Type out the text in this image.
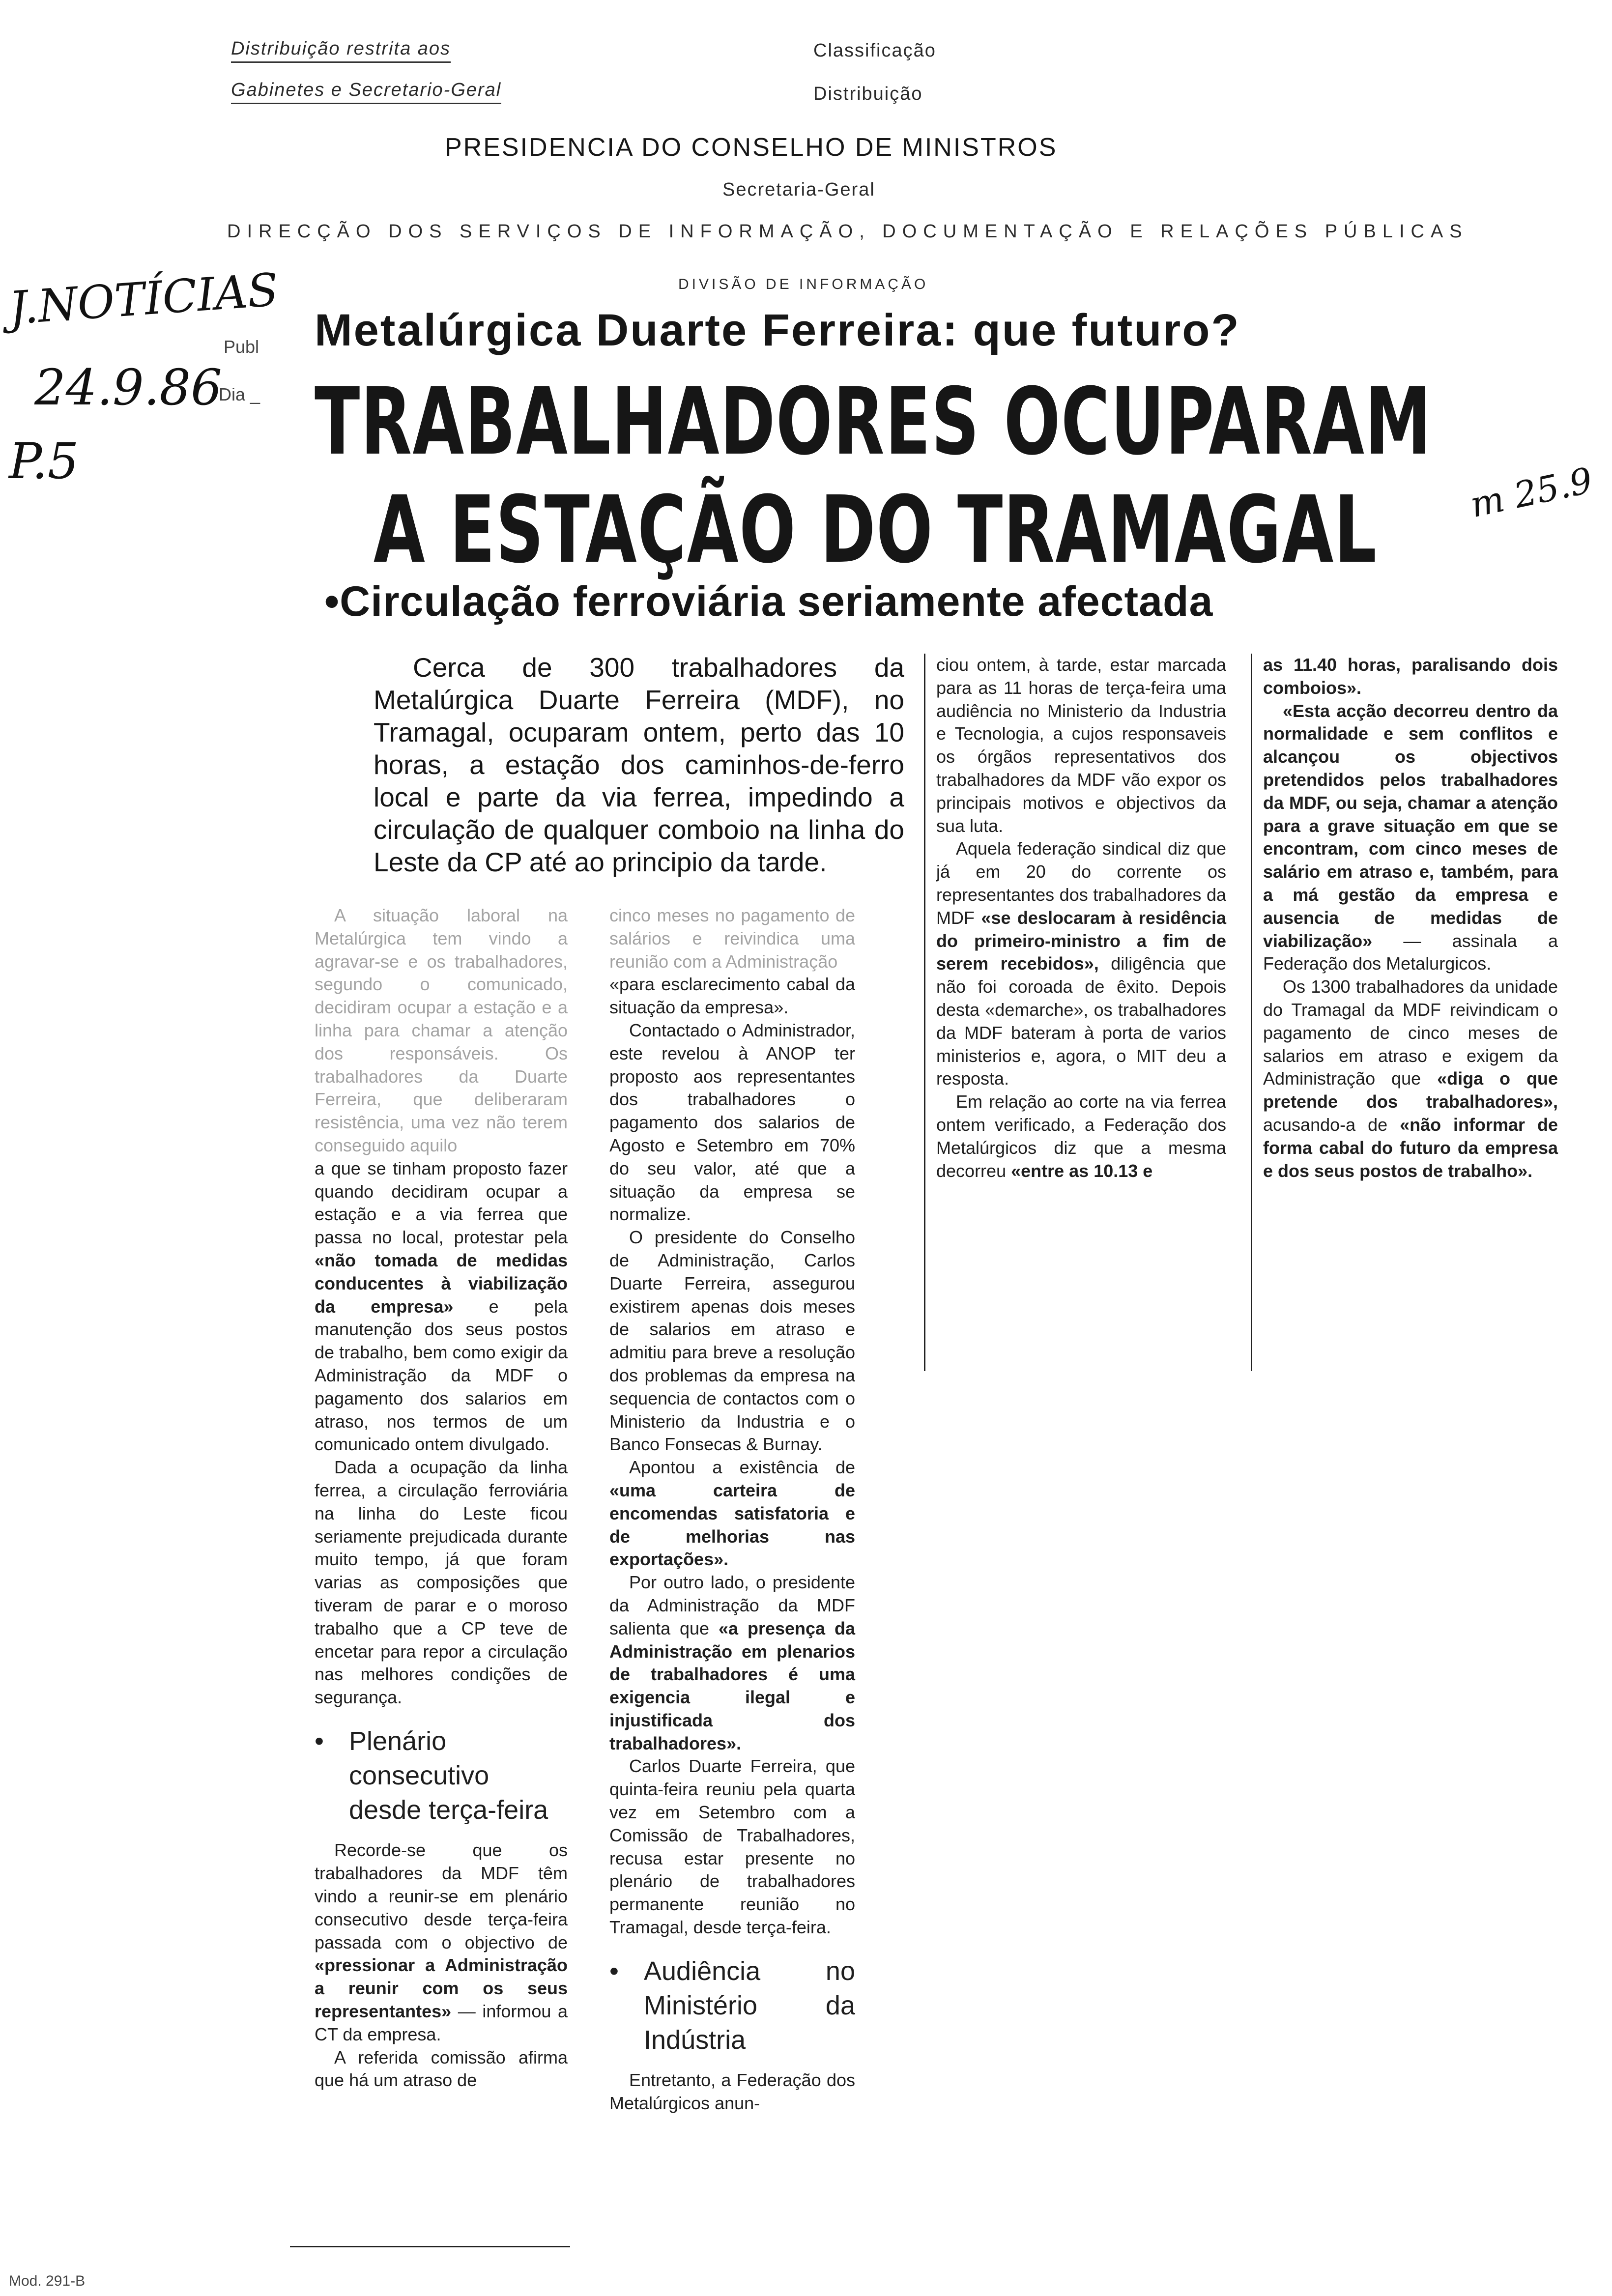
Distribuição restrita aos
Gabinetes e Secretario-Geral
Classificação
Distribuição
PRESIDENCIA DO CONSELHO DE MINISTROS
Secretaria-Geral
DIRECÇÃO DOS SERVIÇOS DE INFORMAÇÃO, DOCUMENTAÇÃO E RELAÇÕES PÚBLICAS
DIVISÃO DE INFORMAÇÃO
J.NOTÍCIAS
24.9.86
P.5	m 25.9
Publ
Dia _
Metalúrgica Duarte Ferreira: que futuro?
TRABALHADORES OCUPARAM
A ESTAÇÃO DO TRAMAGAL
•Circulação ferroviária seriamente afectada
Cerca de 300 trabalhadores da Metalúrgica Duarte Ferreira (MDF), no Tramagal, ocuparam ontem, perto das 10 horas, a estação dos caminhos-de-ferro local e parte da via ferrea, impedindo a circulação de qualquer comboio na linha do Leste da CP até ao principio da tarde.

A situação laboral na Metalúrgica tem vindo a agravar-se e os trabalhadores, segundo o comunicado, decidiram ocupar a estação e a linha para chamar a atenção dos responsáveis. Os trabalhadores da Duarte Ferreira, que deliberaram resistência, uma vez não terem conseguido aquilo

a que se tinham proposto fazer quando decidiram ocupar a estação e a via ferrea que passa no local, protestar pela «não tomada de medidas conducentes à viabilização da empresa» e pela manutenção dos seus postos de trabalho, bem como exigir da Administração da MDF o pagamento dos salarios em atraso, nos termos de um comunicado ontem divulgado.

Dada a ocupação da linha ferrea, a circulação ferroviária na linha do Leste ficou seriamente prejudicada durante muito tempo, já que foram varias as composições que tiveram de parar e o moroso trabalho que a CP teve de encetar para repor a circulação nas melhores condições de segurança.

• Plenário consecutivo desde terça-feira

Recorde-se que os trabalhadores da MDF têm vindo a reunir-se em plenário consecutivo desde terça-feira passada com o objectivo de «pressionar a Administração a reunir com os seus representantes» — informou a CT da empresa.

A referida comissão afirma que há um atraso de

cinco meses no pagamento de salários e reivindica uma reunião com a Administração

«para esclarecimento cabal da situação da empresa».

Contactado o Administrador, este revelou à ANOP ter proposto aos representantes dos trabalhadores o pagamento dos salarios de Agosto e Setembro em 70% do seu valor, até que a situação da empresa se normalize.

O presidente do Conselho de Administração, Carlos Duarte Ferreira, assegurou existirem apenas dois meses de salarios em atraso e admitiu para breve a resolução dos problemas da empresa na sequencia de contactos com o Ministerio da Industria e o Banco Fonsecas & Burnay.

Apontou a existência de «uma carteira de encomendas satisfatoria e de melhorias nas exportações».

Por outro lado, o presidente da Administração da MDF salienta que «a presença da Administração em plenarios de trabalhadores é uma exigencia ilegal e injustificada dos trabalhadores».

Carlos Duarte Ferreira, que quinta-feira reuniu pela quarta vez em Setembro com a Comissão de Trabalhadores, recusa estar presente no plenário de trabalhadores permanente reunião no Tramagal, desde terça-feira.

• Audiência no Ministério da Indústria

Entretanto, a Federação dos Metalúrgicos anun-

ciou ontem, à tarde, estar marcada para as 11 horas de terça-feira uma audiência no Ministerio da Industria e Tecnologia, a cujos responsaveis os órgãos representativos dos trabalhadores da MDF vão expor os principais motivos e objectivos da sua luta.

Aquela federação sindical diz que já em 20 do corrente os representantes dos trabalhadores da MDF «se deslocaram à residência do primeiro-ministro a fim de serem recebidos», diligência que não foi coroada de êxito. Depois desta «demarche», os trabalhadores da MDF bateram à porta de varios ministerios e, agora, o MIT deu a resposta.

Em relação ao corte na via ferrea ontem verificado, a Federação dos Metalúrgicos diz que a mesma decorreu «entre as 10.13 e

as 11.40 horas, paralisando dois comboios».

«Esta acção decorreu dentro da normalidade e sem conflitos e alcançou os objectivos pretendidos pelos trabalhadores da MDF, ou seja, chamar a atenção para a grave situação em que se encontram, com cinco meses de salário em atraso e, também, para a má gestão da empresa e ausencia de medidas de viabilização» — assinala a Federação dos Metalurgicos.

Os 1300 trabalhadores da unidade do Tramagal da MDF reivindicam o pagamento de cinco meses de salarios em atraso e exigem da Administração que «diga o que pretende dos trabalhadores», acusando-a de «não informar de forma cabal do futuro da empresa e dos seus postos de trabalho».

Mod. 291-B
